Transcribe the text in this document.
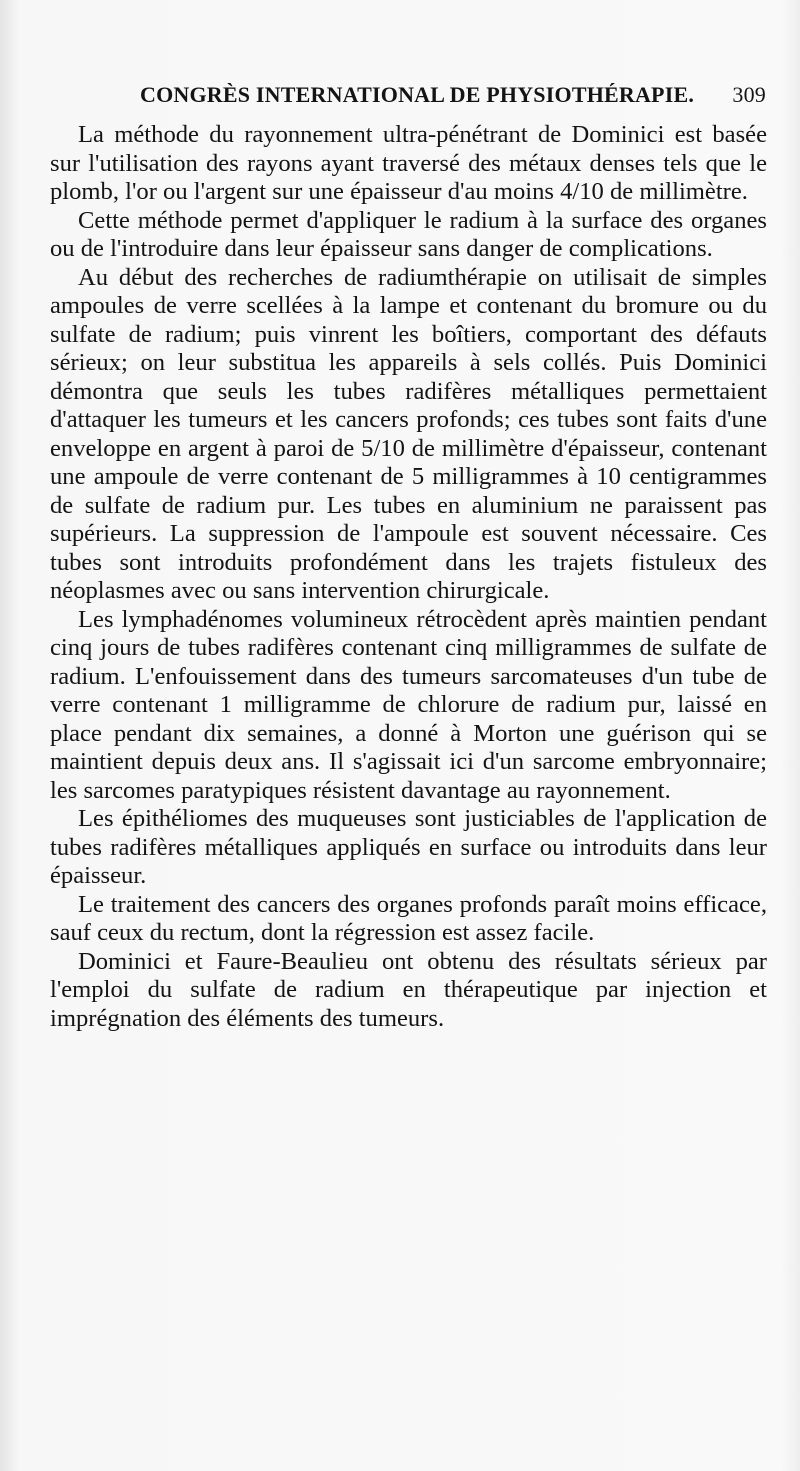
CONGRÈS INTERNATIONAL DE PHYSIOTHÉRAPIE. 309

La méthode du rayonnement ultra-pénétrant de Dominici est basée sur l'utilisation des rayons ayant traversé des métaux denses tels que le plomb, l'or ou l'argent sur une épaisseur d'au moins 4/10 de millimètre.

Cette méthode permet d'appliquer le radium à la surface des organes ou de l'introduire dans leur épaisseur sans danger de complications.

Au début des recherches de radiumthérapie on utilisait de simples ampoules de verre scellées à la lampe et contenant du bromure ou du sulfate de radium; puis vinrent les boîtiers, comportant des défauts sérieux; on leur substitua les appareils à sels collés. Puis Dominici démontra que seuls les tubes radifères métalliques permettaient d'attaquer les tumeurs et les cancers profonds; ces tubes sont faits d'une enveloppe en argent à paroi de 5/10 de millimètre d'épaisseur, contenant une ampoule de verre contenant de 5 milligrammes à 10 centigrammes de sulfate de radium pur. Les tubes en aluminium ne paraissent pas supérieurs. La suppression de l'ampoule est souvent nécessaire. Ces tubes sont introduits profondément dans les trajets fistuleux des néoplasmes avec ou sans intervention chirurgicale.

Les lymphadénomes volumineux rétrocèdent après maintien pendant cinq jours de tubes radifères contenant cinq milligrammes de sulfate de radium. L'enfouissement dans des tumeurs sarcomateuses d'un tube de verre contenant 1 milligramme de chlorure de radium pur, laissé en place pendant dix semaines, a donné à Morton une guérison qui se maintient depuis deux ans. Il s'agissait ici d'un sarcome embryonnaire; les sarcomes paratypiques résistent davantage au rayonnement.

Les épithéliomes des muqueuses sont justiciables de l'application de tubes radifères métalliques appliqués en surface ou introduits dans leur épaisseur.

Le traitement des cancers des organes profonds paraît moins efficace, sauf ceux du rectum, dont la régression est assez facile.

Dominici et Faure-Beaulieu ont obtenu des résultats sérieux par l'emploi du sulfate de radium en thérapeutique par injection et imprégnation des éléments des tumeurs.
